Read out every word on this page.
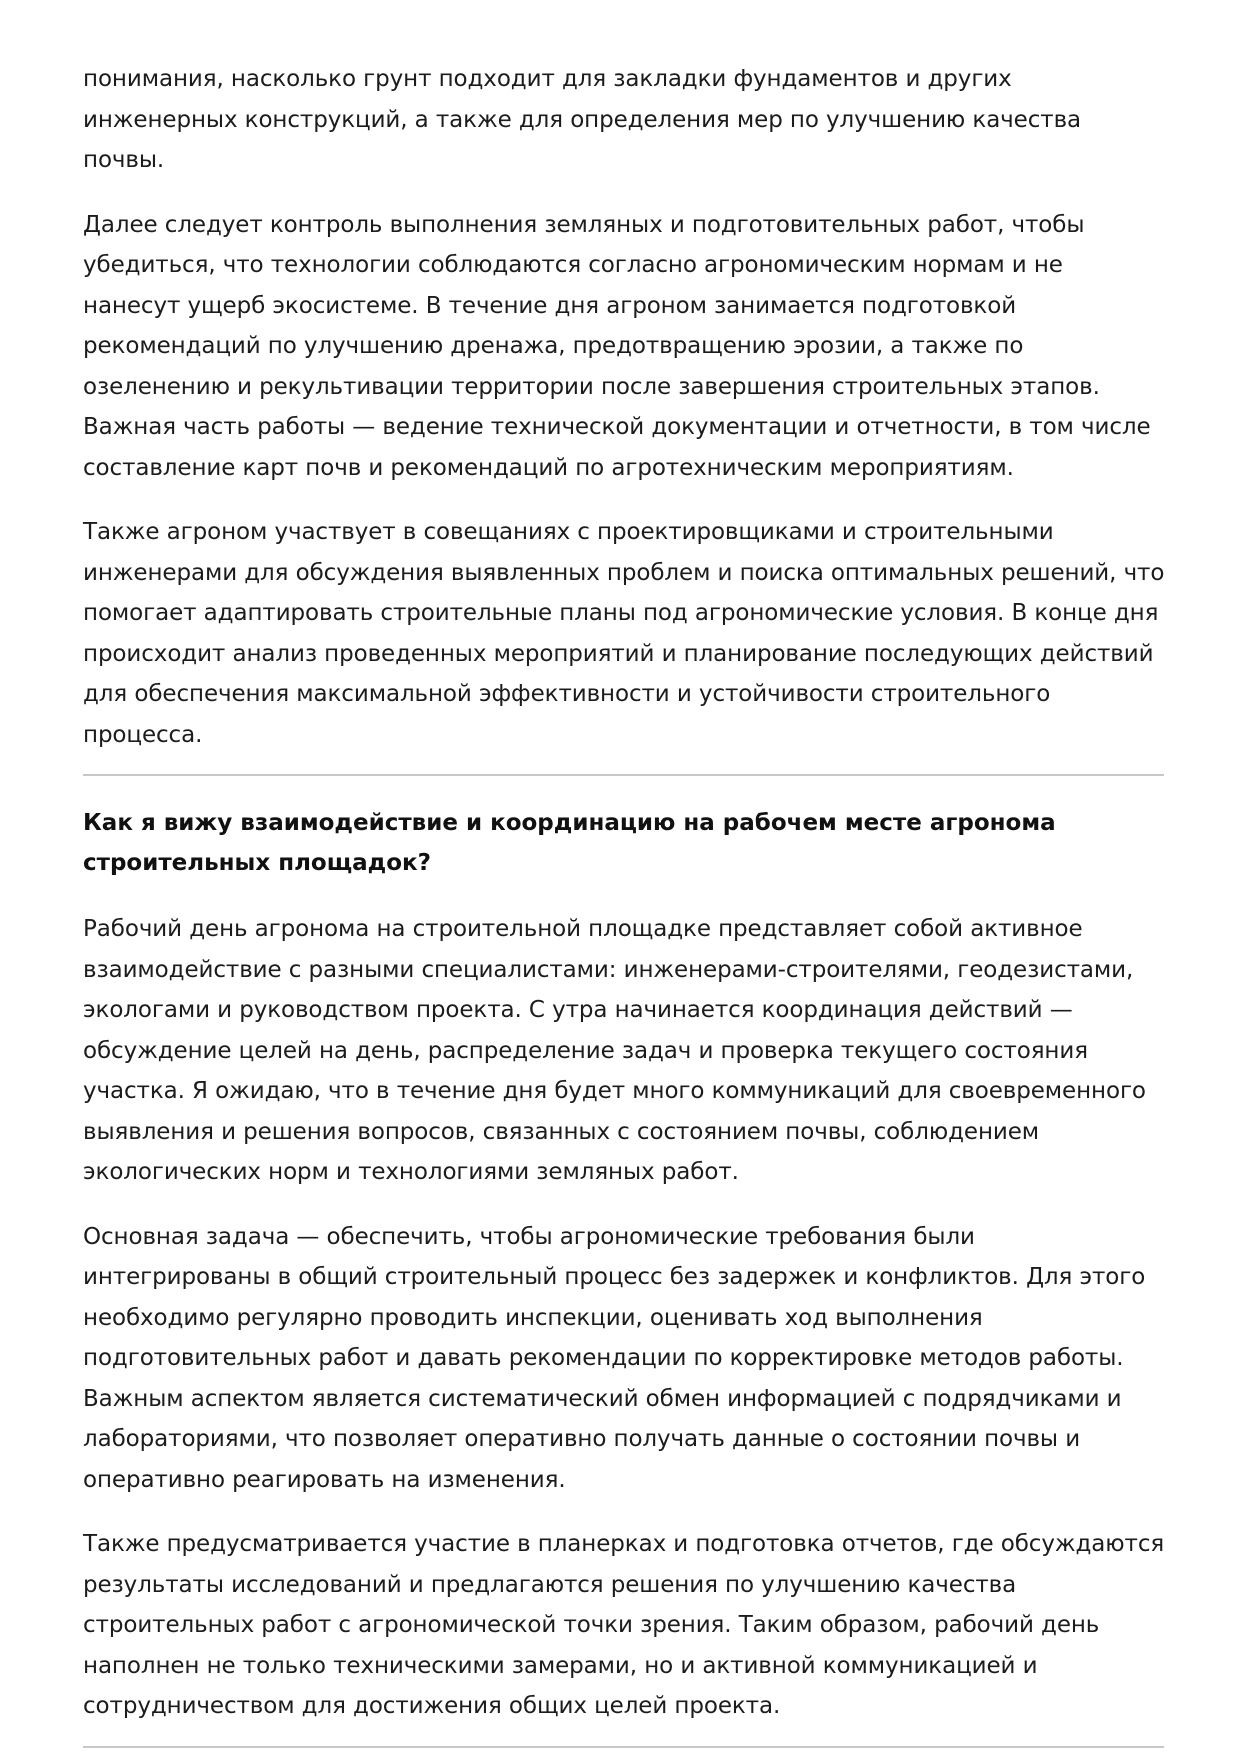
понимания, насколько грунт подходит для закладки фундаментов и других инженерных конструкций, а также для определения мер по улучшению качества почвы.

Далее следует контроль выполнения земляных и подготовительных работ, чтобы убедиться, что технологии соблюдаются согласно агрономическим нормам и не нанесут ущерб экосистеме. В течение дня агроном занимается подготовкой рекомендаций по улучшению дренажа, предотвращению эрозии, а также по озеленению и рекультивации территории после завершения строительных этапов. Важная часть работы — ведение технической документации и отчетности, в том числе составление карт почв и рекомендаций по агротехническим мероприятиям.

Также агроном участвует в совещаниях с проектировщиками и строительными инженерами для обсуждения выявленных проблем и поиска оптимальных решений, что помогает адаптировать строительные планы под агрономические условия. В конце дня происходит анализ проведенных мероприятий и планирование последующих действий для обеспечения максимальной эффективности и устойчивости строительного процесса.

Как я вижу взаимодействие и координацию на рабочем месте агронома строительных площадок?

Рабочий день агронома на строительной площадке представляет собой активное взаимодействие с разными специалистами: инженерами-строителями, геодезистами, экологами и руководством проекта. С утра начинается координация действий — обсуждение целей на день, распределение задач и проверка текущего состояния участка. Я ожидаю, что в течение дня будет много коммуникаций для своевременного выявления и решения вопросов, связанных с состоянием почвы, соблюдением экологических норм и технологиями земляных работ.

Основная задача — обеспечить, чтобы агрономические требования были интегрированы в общий строительный процесс без задержек и конфликтов. Для этого необходимо регулярно проводить инспекции, оценивать ход выполнения подготовительных работ и давать рекомендации по корректировке методов работы. Важным аспектом является систематический обмен информацией с подрядчиками и лабораториями, что позволяет оперативно получать данные о состоянии почвы и оперативно реагировать на изменения.

Также предусматривается участие в планерках и подготовка отчетов, где обсуждаются результаты исследований и предлагаются решения по улучшению качества строительных работ с агрономической точки зрения. Таким образом, рабочий день наполнен не только техническими замерами, но и активной коммуникацией и сотрудничеством для достижения общих целей проекта.
